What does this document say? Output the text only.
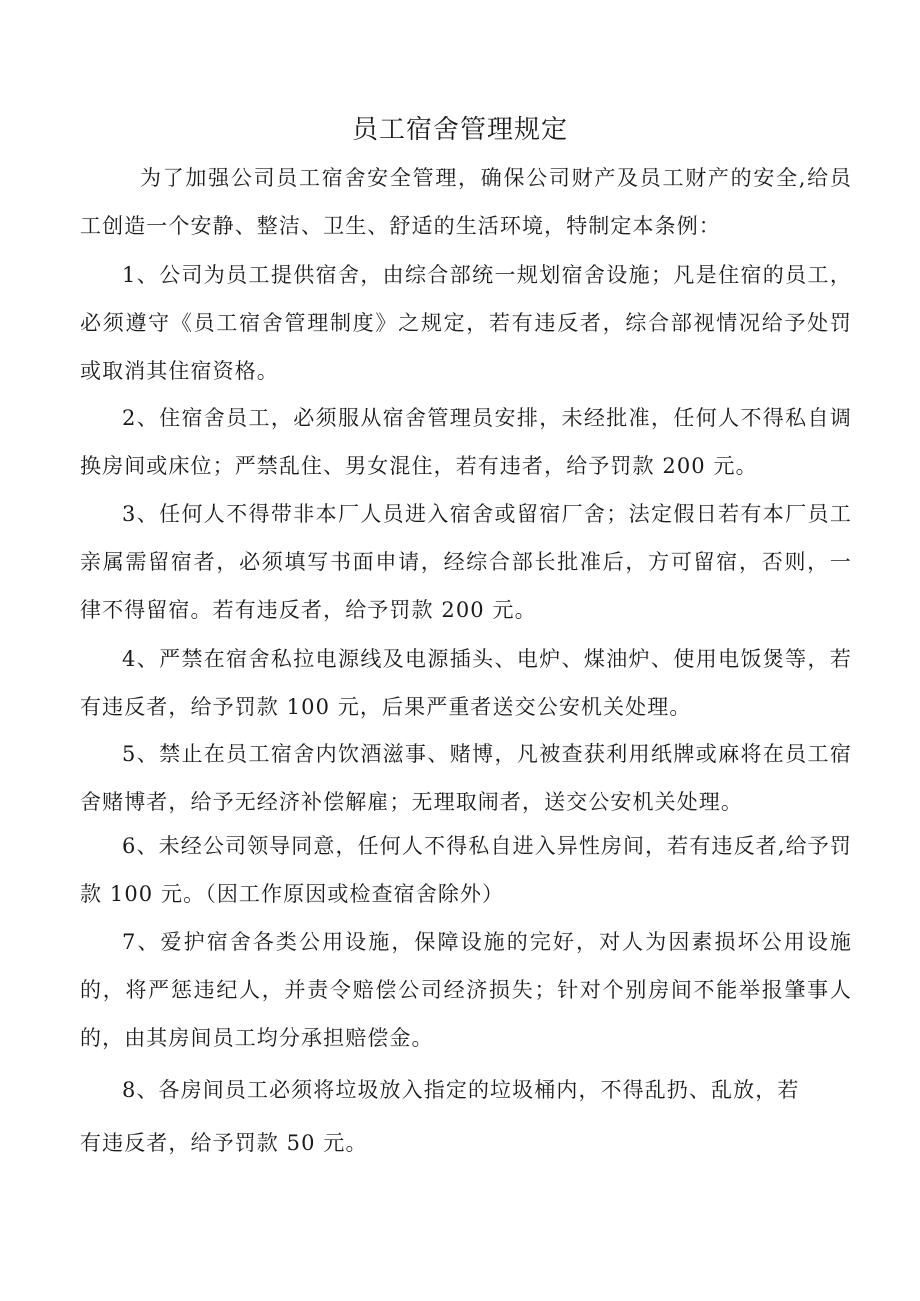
员工宿舍管理规定

为了加强公司员工宿舍安全管理，确保公司财产及员工财产的安全,给员工创造一个安静、整洁、卫生、舒适的生活环境，特制定本条例：

1、公司为员工提供宿舍，由综合部统一规划宿舍设施；凡是住宿的员工，必须遵守《员工宿舍管理制度》之规定，若有违反者，综合部视情况给予处罚或取消其住宿资格。

2、住宿舍员工，必须服从宿舍管理员安排，未经批准，任何人不得私自调换房间或床位；严禁乱住、男女混住，若有违者，给予罚款 200 元。

3、任何人不得带非本厂人员进入宿舍或留宿厂舍；法定假日若有本厂员工亲属需留宿者，必须填写书面申请，经综合部长批准后，方可留宿，否则，一律不得留宿。若有违反者，给予罚款 200 元。

4、严禁在宿舍私拉电源线及电源插头、电炉、煤油炉、使用电饭煲等，若有违反者，给予罚款 100 元，后果严重者送交公安机关处理。

5、禁止在员工宿舍内饮酒滋事、赌博，凡被查获利用纸牌或麻将在员工宿舍赌博者，给予无经济补偿解雇；无理取闹者，送交公安机关处理。

6、未经公司领导同意，任何人不得私自进入异性房间，若有违反者,给予罚款 100 元。（因工作原因或检查宿舍除外）

7、爱护宿舍各类公用设施，保障设施的完好，对人为因素损坏公用设施的，将严惩违纪人，并责令赔偿公司经济损失；针对个别房间不能举报肇事人的，由其房间员工均分承担赔偿金。

8、各房间员工必须将垃圾放入指定的垃圾桶内，不得乱扔、乱放，若

有违反者，给予罚款 50 元。
